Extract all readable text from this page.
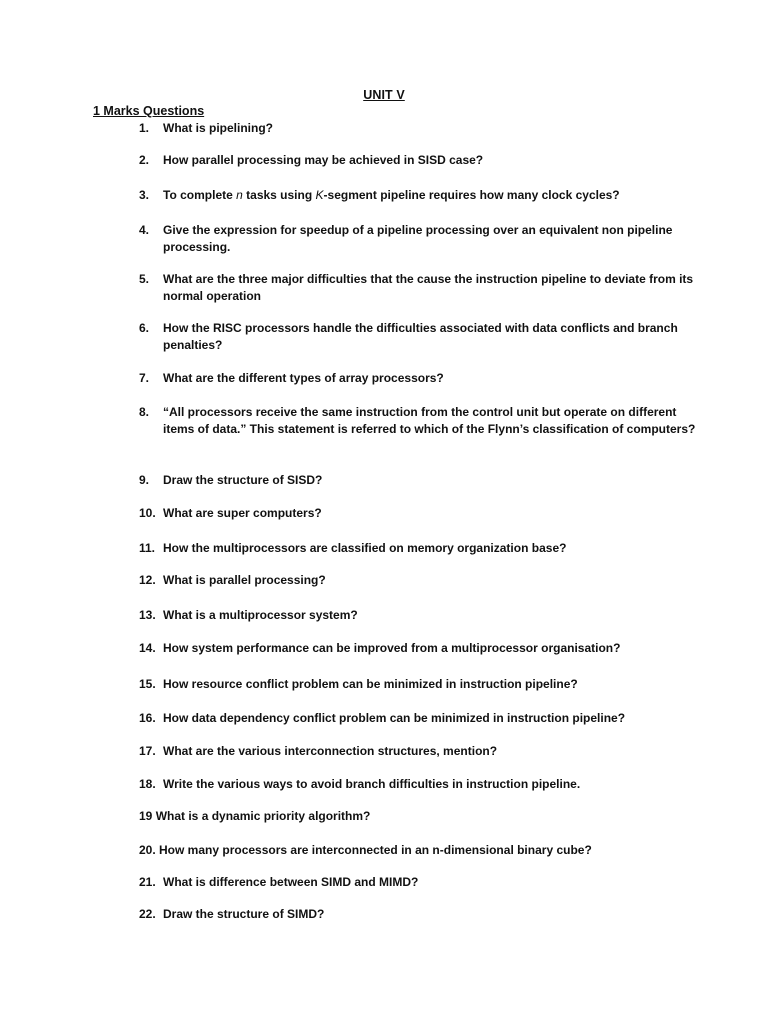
UNIT V
1 Marks Questions
1. What is pipelining?
2. How parallel processing may be achieved in SISD case?
3. To complete n tasks using K-segment pipeline requires how many clock cycles?
4. Give the expression for speedup of a pipeline processing over an equivalent non pipeline processing.
5. What are the three major difficulties that the cause the instruction pipeline to deviate from its normal operation
6. How the RISC processors handle the difficulties associated with data conflicts and branch penalties?
7. What are the different types of array processors?
8. “All processors receive the same instruction from the control unit but operate on different items of data.” This statement is referred to which of the Flynn’s classification of computers?
9. Draw the structure of SISD?
10. What are super computers?
11. How the multiprocessors are classified on memory organization base?
12. What is parallel processing?
13. What is a multiprocessor system?
14. How system performance can be improved from a multiprocessor organisation?
15. How resource conflict problem can be minimized in instruction pipeline?
16. How data dependency conflict problem can be minimized in instruction pipeline?
17. What are the various interconnection structures, mention?
18. Write the various ways to avoid branch difficulties in instruction pipeline.
19 What is a dynamic priority algorithm?
20. How many processors are interconnected in an n-dimensional binary cube?
21. What is difference between SIMD and MIMD?
22. Draw the structure of SIMD?
